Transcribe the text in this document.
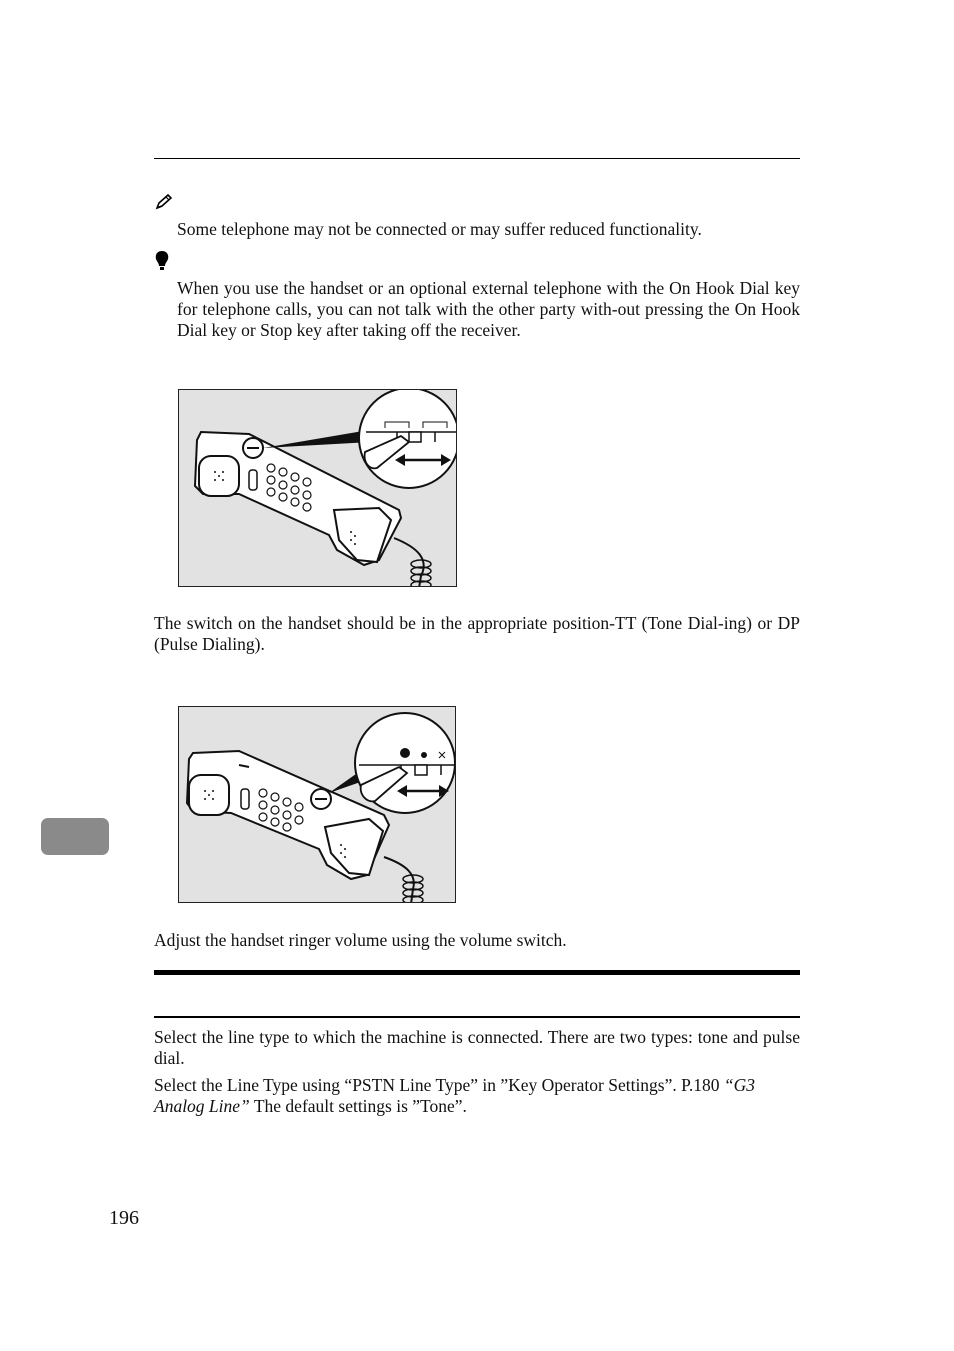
Some telephone may not be connected or may suffer reduced functionality.
When you use the handset or an optional external telephone with the On Hook Dial key for telephone calls, you can not talk with the other party with-out pressing the On Hook Dial key or Stop key after taking off the receiver.
The switch on the handset should be in the appropriate position-TT (Tone Dial-ing) or DP (Pulse Dialing).
Adjust the handset ringer volume using the volume switch.
Select the line type to which the machine is connected. There are two types: tone and pulse dial.
Select the Line Type using “PSTN Line Type” in ”Key Operator Settings”. P.180 “G3 Analog Line” The default settings is ”Tone”.
196
